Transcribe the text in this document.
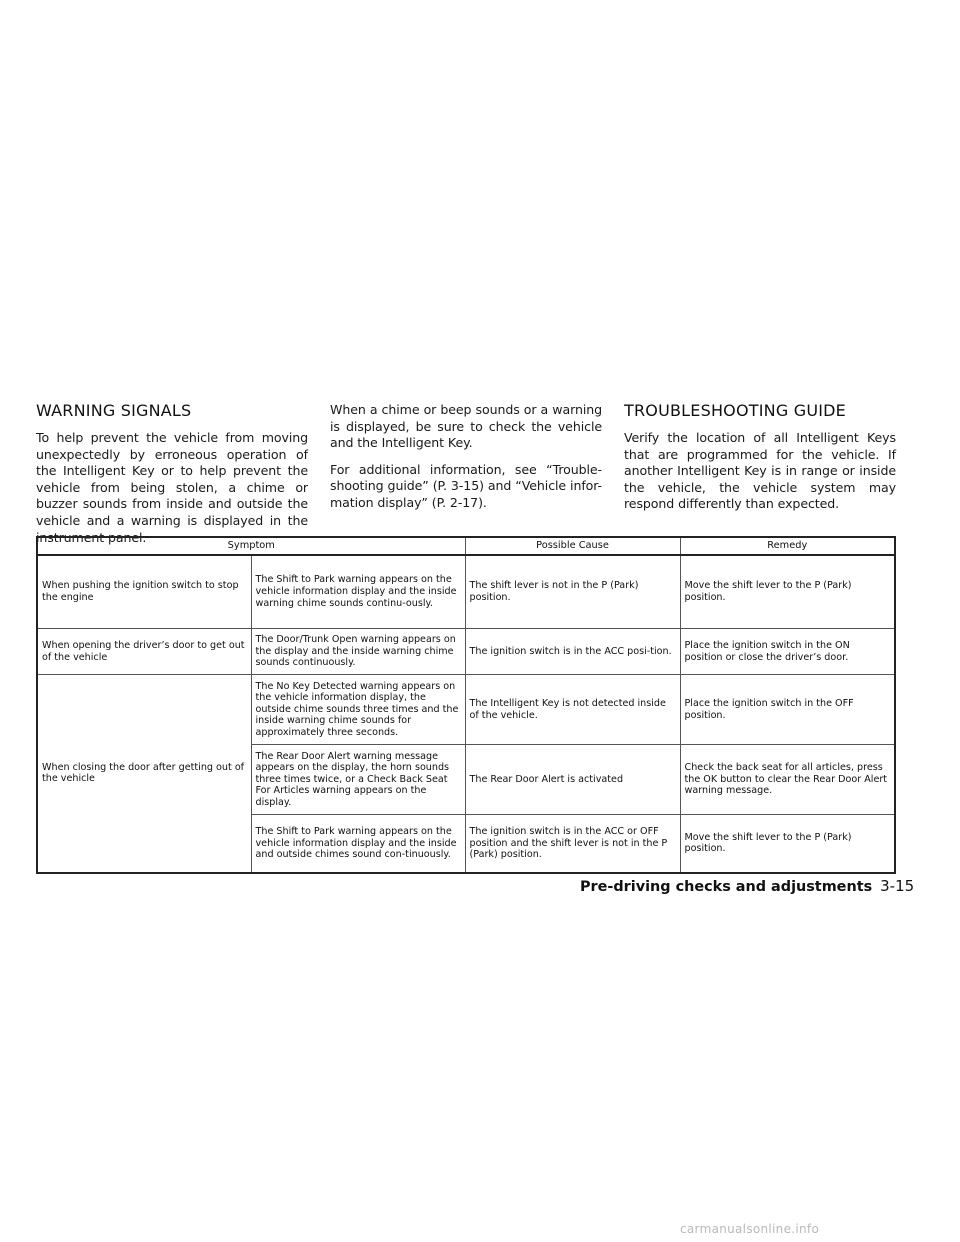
WARNING SIGNALS

To help prevent the vehicle from moving unexpectedly by erroneous operation of the Intelligent Key or to help prevent the vehicle from being stolen, a chime or buzzer sounds from inside and outside the vehicle and a warning is displayed in the instrument panel.

When a chime or beep sounds or a warning is displayed, be sure to check the vehicle and the Intelligent Key.

For additional information, see “Trouble-shooting guide” (P. 3-15) and “Vehicle infor-mation display” (P. 2-17).

TROUBLESHOOTING GUIDE

Verify the location of all Intelligent Keys that are programmed for the vehicle. If another Intelligent Key is in range or inside the vehicle, the vehicle system may respond differently than expected.

Symptom		Possible Cause	Remedy
When pushing the ignition switch to stop the engine	The Shift to Park warning appears on the vehicle information display and the inside warning chime sounds continu-ously.	The shift lever is not in the P (Park) position.	Move the shift lever to the P (Park) position.
When opening the driver’s door to get out of the vehicle	The Door/Trunk Open warning appears on the display and the inside warning chime sounds continuously.	The ignition switch is in the ACC posi-tion.	Place the ignition switch in the ON position or close the driver’s door.
When closing the door after getting out of the vehicle	The No Key Detected warning appears on the vehicle information display, the outside chime sounds three times and the inside warning chime sounds for approximately three seconds.	The Intelligent Key is not detected inside of the vehicle.	Place the ignition switch in the OFF position.
	The Rear Door Alert warning message appears on the display, the horn sounds three times twice, or a Check Back Seat For Articles warning appears on the display.	The Rear Door Alert is activated	Check the back seat for all articles, press the OK button to clear the Rear Door Alert warning message.
	The Shift to Park warning appears on the vehicle information display and the inside and outside chimes sound con-tinuously.	The ignition switch is in the ACC or OFF position and the shift lever is not in the P (Park) position.	Move the shift lever to the P (Park) position.
Pre-driving checks and adjustments 3-15
carmanualsonline.info
